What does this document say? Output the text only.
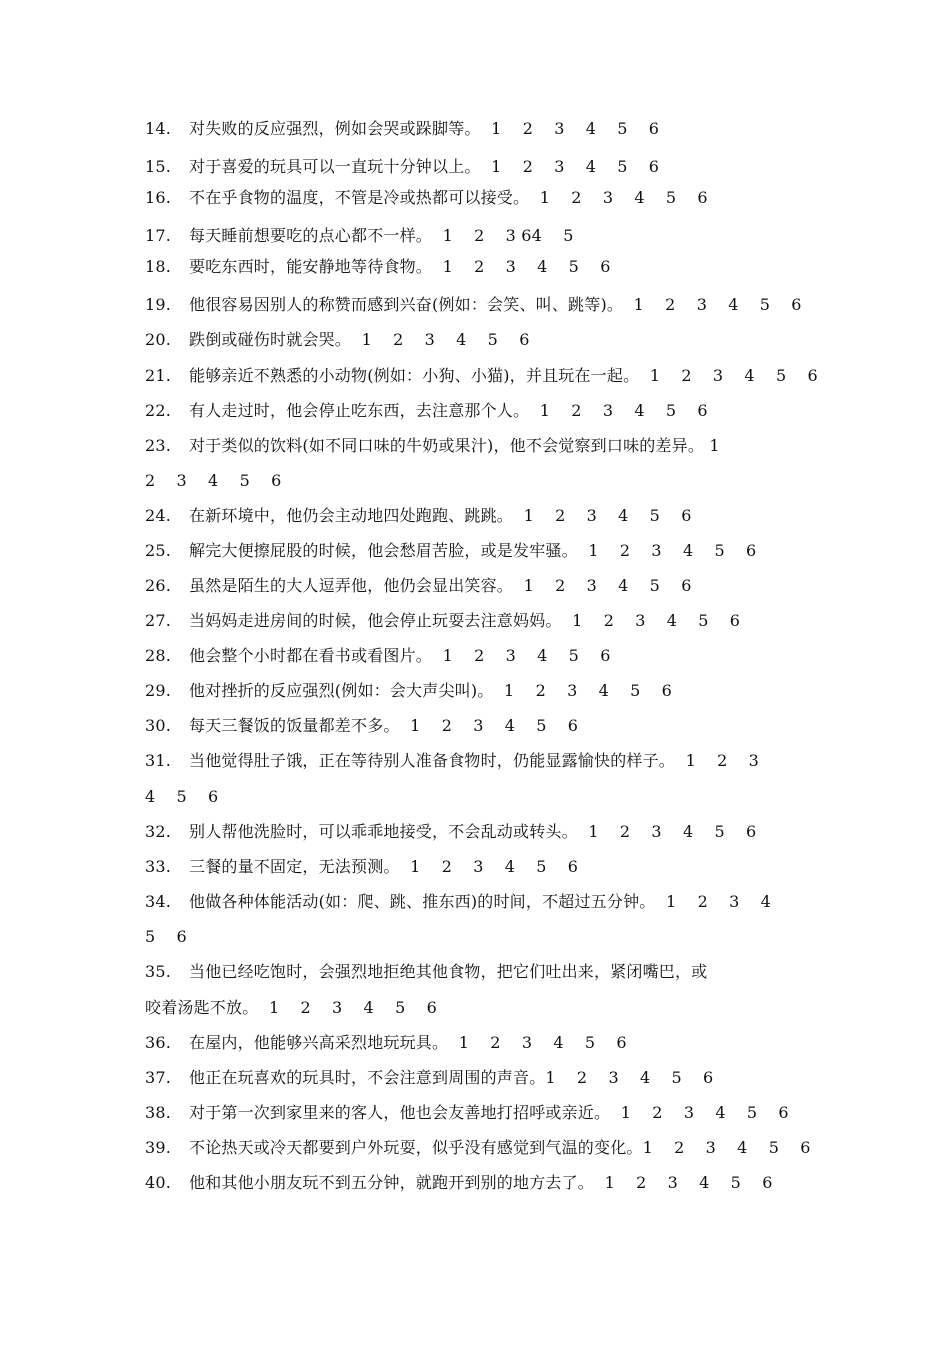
14. 对失败的反应强烈，例如会哭或跺脚等。  1    2    3    4    5    6
15. 对于喜爱的玩具可以一直玩十分钟以上。  1    2    3    4    5    6
16. 不在乎食物的温度，不管是冷或热都可以接受。  1    2    3    4    5    6
17. 每天睡前想要吃的点心都不一样。  1    2    3 64    5
18. 要吃东西时，能安静地等待食物。  1    2    3    4    5    6
19. 他很容易因别人的称赞而感到兴奋(例如：会笑、叫、跳等)。  1    2    3    4    5    6
20. 跌倒或碰伤时就会哭。  1    2    3    4    5    6
21. 能够亲近不熟悉的小动物(例如：小狗、小猫)，并且玩在一起。  1    2    3    4    5    6
22. 有人走过时，他会停止吃东西，去注意那个人。  1    2    3    4    5    6
23. 对于类似的饮料(如不同口味的牛奶或果汁)，他不会觉察到口味的差异。 1
2    3    4    5    6
24. 在新环境中，他仍会主动地四处跑跑、跳跳。  1    2    3    4    5    6
25. 解完大便擦屁股的时候，他会愁眉苦脸，或是发牢骚。  1    2    3    4    5    6
26. 虽然是陌生的大人逗弄他，他仍会显出笑容。  1    2    3    4    5    6
27. 当妈妈走进房间的时候，他会停止玩耍去注意妈妈。  1    2    3    4    5    6
28. 他会整个小时都在看书或看图片。  1    2    3    4    5    6
29. 他对挫折的反应强烈(例如：会大声尖叫)。  1    2    3    4    5    6
30. 每天三餐饭的饭量都差不多。  1    2    3    4    5    6
31. 当他觉得肚子饿，正在等待别人准备食物时，仍能显露愉快的样子。  1    2    3
4    5    6
32. 别人帮他洗脸时，可以乖乖地接受，不会乱动或转头。  1    2    3    4    5    6
33. 三餐的量不固定，无法预测。  1    2    3    4    5    6
34. 他做各种体能活动(如：爬、跳、推东西)的时间，不超过五分钟。  1    2    3    4
5    6
35. 当他已经吃饱时，会强烈地拒绝其他食物，把它们吐出来，紧闭嘴巴，或
咬着汤匙不放。  1    2    3    4    5    6
36. 在屋内，他能够兴高采烈地玩玩具。  1    2    3    4    5    6
37. 他正在玩喜欢的玩具时，不会注意到周围的声音。1    2    3    4    5    6
38. 对于第一次到家里来的客人，他也会友善地打招呼或亲近。  1    2    3    4    5    6
39. 不论热天或冷天都要到户外玩耍，似乎没有感觉到气温的变化。1    2    3    4    5    6
40. 他和其他小朋友玩不到五分钟，就跑开到别的地方去了。  1    2    3    4    5    6
